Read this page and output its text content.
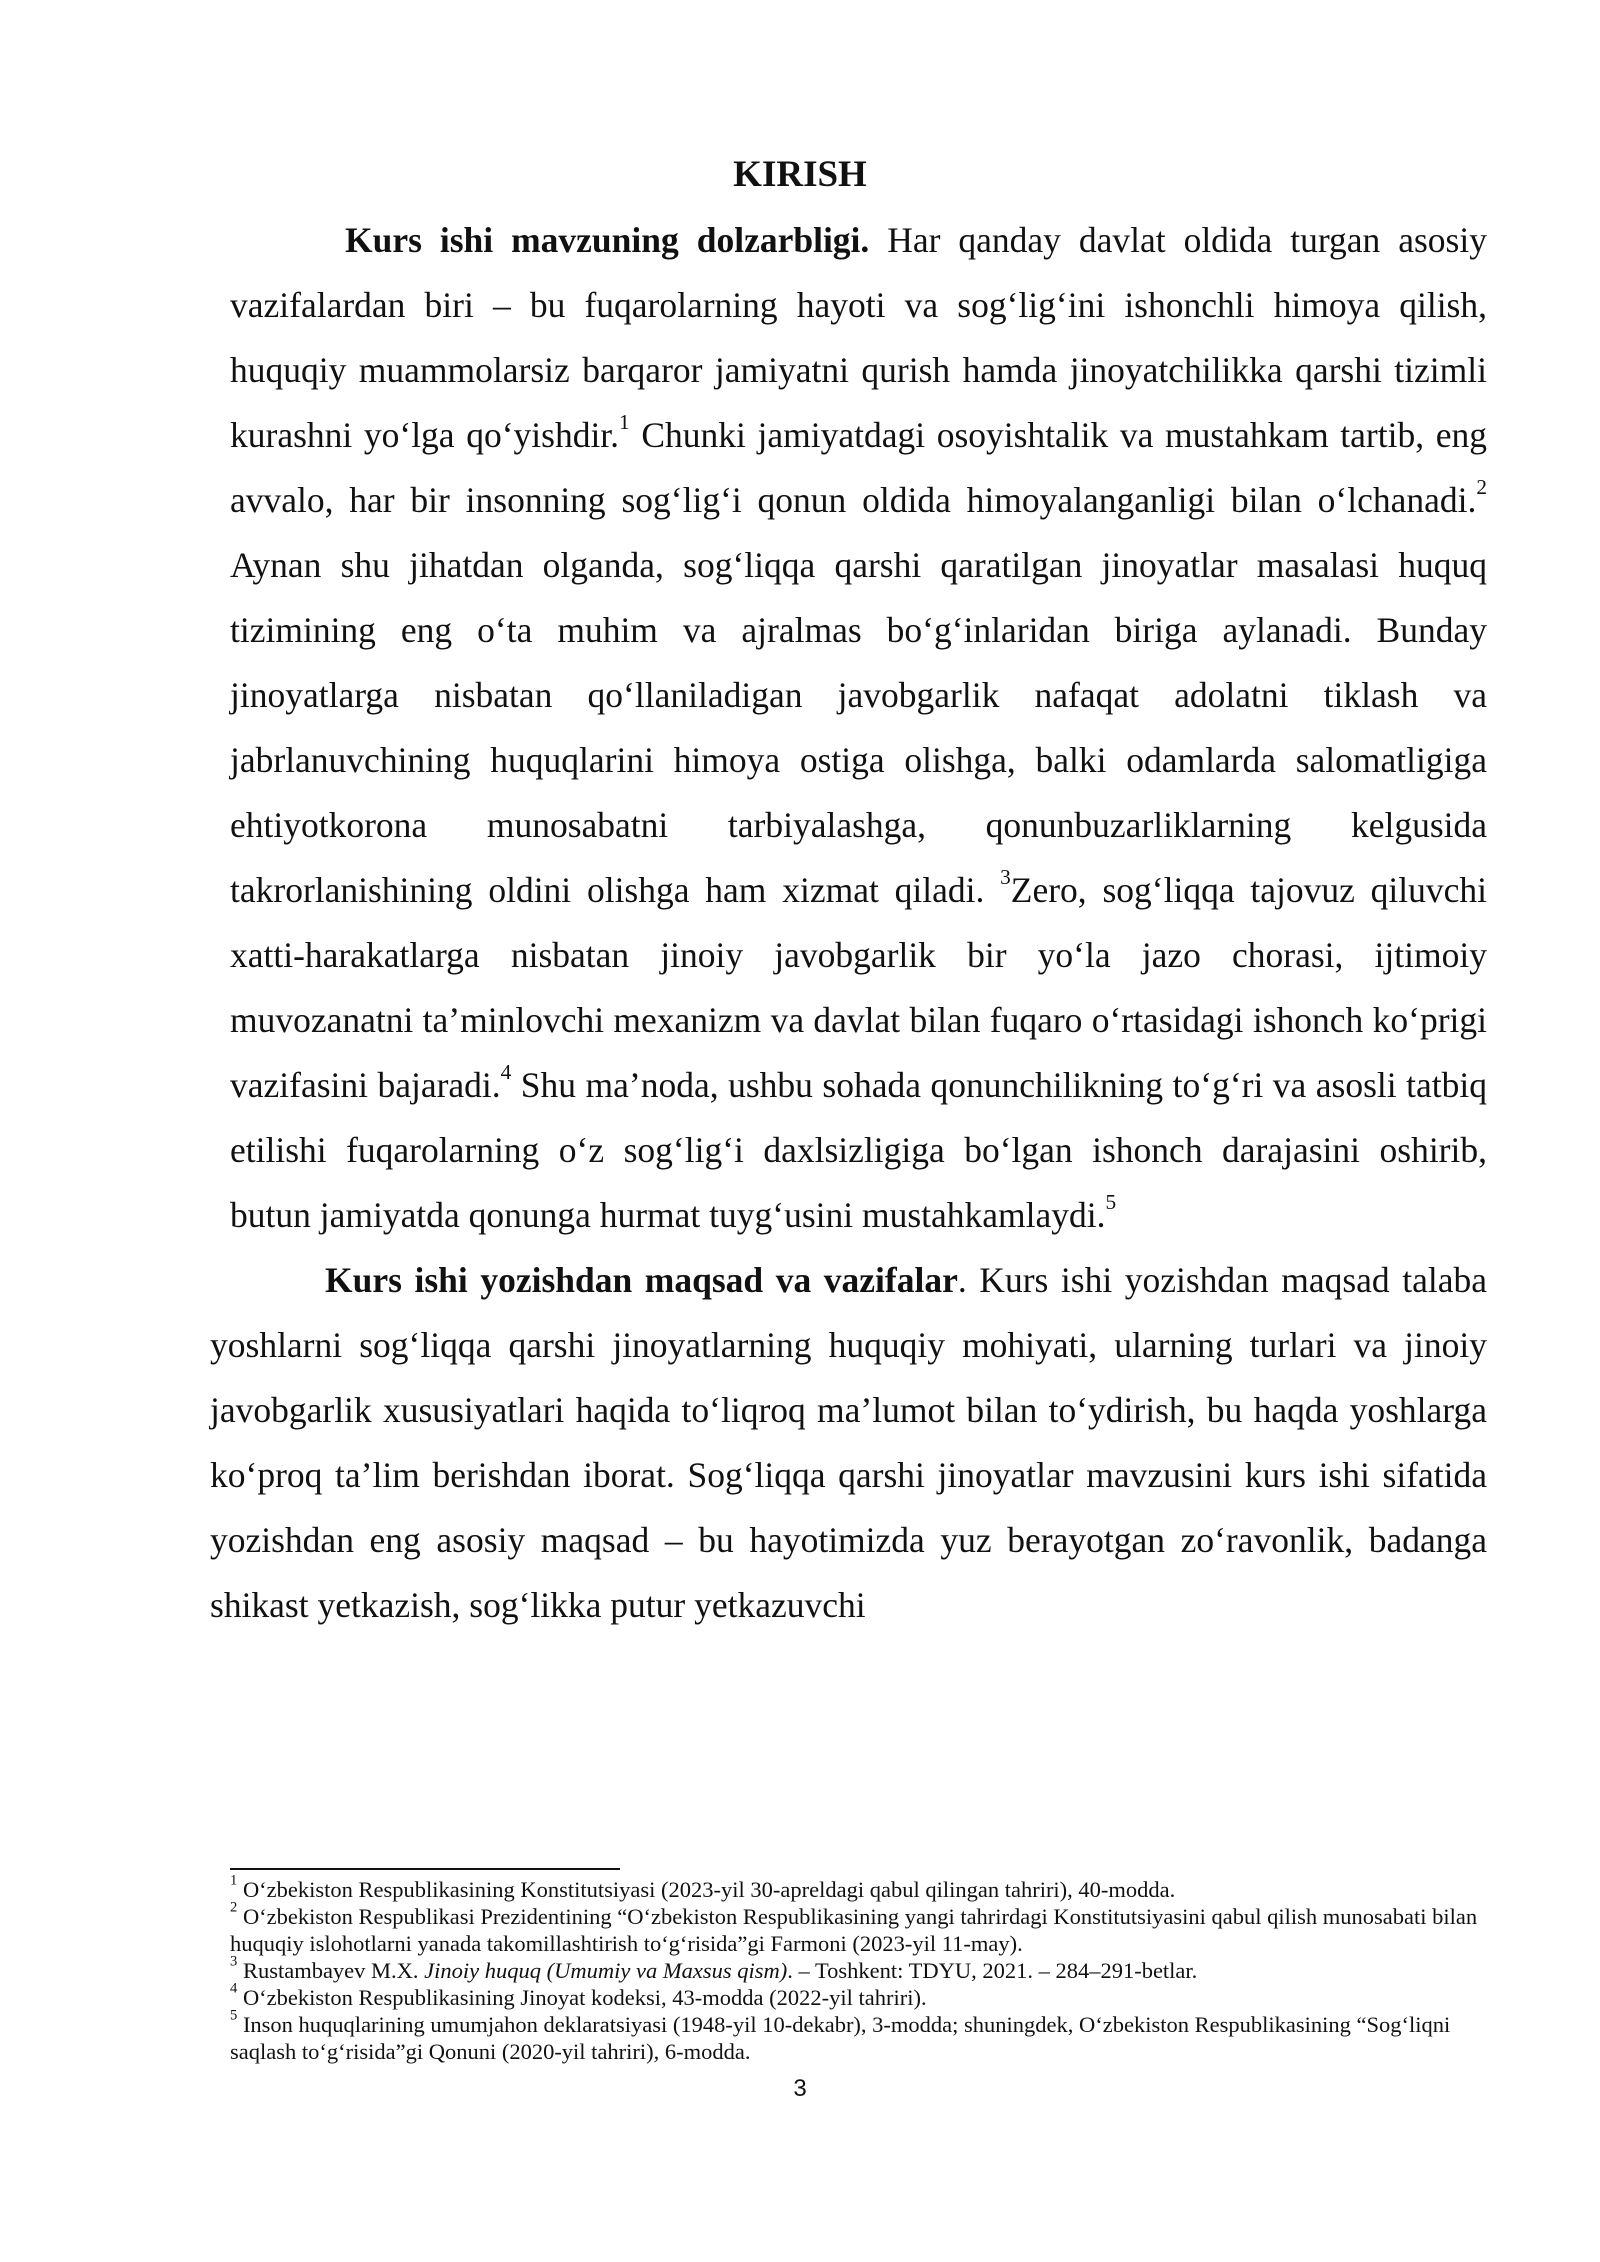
KIRISH

Kurs ishi mavzuning dolzarbligi. Har qanday davlat oldida turgan asosiy vazifalardan biri – bu fuqarolarning hayoti va sog‘lig‘ini ishonchli himoya qilish, huquqiy muammolarsiz barqaror jamiyatni qurish hamda jinoyatchilikka qarshi tizimli kurashni yo‘lga qo‘yishdir.$^1$ Chunki jamiyatdagi osoyishtalik va mustahkam tartib, eng avvalo, har bir insonning sog‘lig‘i qonun oldida himoyalanganligi bilan o‘lchanadi.$^2$ Aynan shu jihatdan olganda, sog‘liqqa qarshi qaratilgan jinoyatlar masalasi huquq tizimining eng o‘ta muhim va ajralmas bo‘g‘inlaridan biriga aylanadi. Bunday jinoyatlarga nisbatan qo‘llaniladigan javobgarlik nafaqat adolatni tiklash va jabrlanuvchining huquqlarini himoya ostiga olishga, balki odamlarda salomatligiga ehtiyotkorona munosabatni tarbiyalashga, qonunbuzarliklarning kelgusida takrorlanishining oldini olishga ham xizmat qiladi. $^3$Zero, sog‘liqqa tajovuz qiluvchi xatti-harakatlarga nisbatan jinoiy javobgarlik bir yo‘la jazo chorasi, ijtimoiy muvozanatni ta’minlovchi mexanizm va davlat bilan fuqaro o‘rtasidagi ishonch ko‘prigi vazifasini bajaradi.$^4$ Shu ma’noda, ushbu sohada qonunchilikning to‘g‘ri va asosli tatbiq etilishi fuqarolarning o‘z sog‘lig‘i daxlsizligiga bo‘lgan ishonch darajasini oshirib, butun jamiyatda qonunga hurmat tuyg‘usini mustahkamlaydi.$^5$

Kurs ishi yozishdan maqsad va vazifalar. Kurs ishi yozishdan maqsad talaba yoshlarni sog‘liqqa qarshi jinoyatlarning huquqiy mohiyati, ularning turlari va jinoiy javobgarlik xususiyatlari haqida to‘liqroq ma’lumot bilan to‘ydirish, bu haqda yoshlarga ko‘proq ta’lim berishdan iborat. Sog‘liqqa qarshi jinoyatlar mavzusini kurs ishi sifatida yozishdan eng asosiy maqsad – bu hayotimizda yuz berayotgan zo‘ravonlik, badanga shikast yetkazish, sog‘likka putur yetkazuvchi

$^1$ O‘zbekiston Respublikasining Konstitutsiyasi (2023-yil 30-apreldagi qabul qilingan tahriri), 40-modda.

$^2$ O‘zbekiston Respublikasi Prezidentining “O‘zbekiston Respublikasining yangi tahrirdagi Konstitutsiyasini qabul qilish munosabati bilan huquqiy islohotlarni yanada takomillashtirish to‘g‘risida”gi Farmoni (2023-yil 11-may).

$^3$ Rustambayev M.X. Jinoiy huquq (Umumiy va Maxsus qism). – Toshkent: TDYU, 2021. – 284–291-betlar.

$^4$ O‘zbekiston Respublikasining Jinoyat kodeksi, 43-modda (2022-yil tahriri).

$^5$ Inson huquqlarining umumjahon deklaratsiyasi (1948-yil 10-dekabr), 3-modda; shuningdek, O‘zbekiston Respublikasining “Sog‘liqni saqlash to‘g‘risida”gi Qonuni (2020-yil tahriri), 6-modda.

3
